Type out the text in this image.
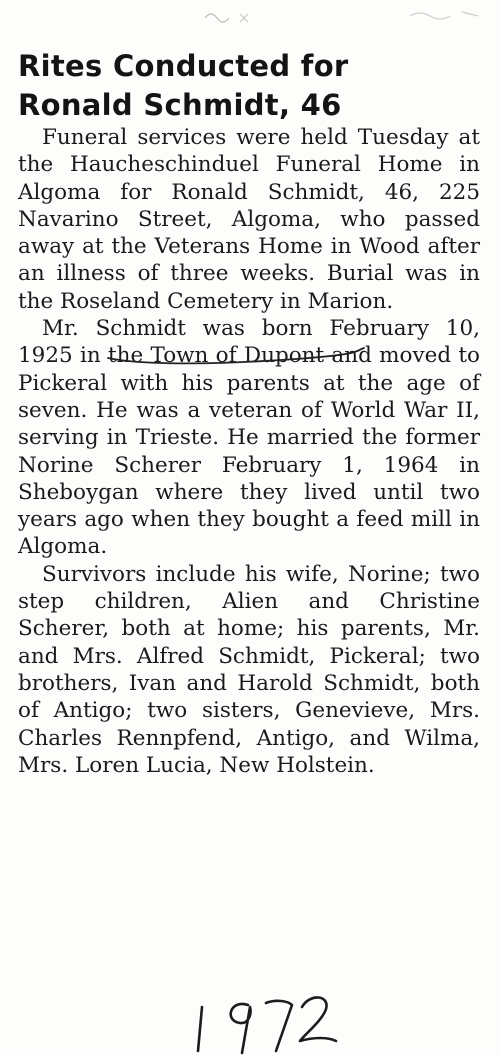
Rites Conducted for
Ronald Schmidt, 46

Funeral services were held Tuesday at the Haucheschinduel Funeral Home in Algoma for Ronald Schmidt, 46, 225 Navarino Street, Algoma, who passed away at the Veterans Home in Wood after an illness of three weeks. Burial was in the Roseland Cemetery in Marion.

Mr. Schmidt was born February 10, 1925 in the Town of Dupont and moved to Pickeral with his parents at the age of seven. He was a veteran of World War II, serving in Trieste. He married the former Norine Scherer February 1, 1964 in Sheboygan where they lived until two years ago when they bought a feed mill in Algoma.

Survivors include his wife, Norine; two step children, Alien and Christine Scherer, both at home; his parents, Mr. and Mrs. Alfred Schmidt, Pickeral; two brothers, Ivan and Harold Schmidt, both of Antigo; two sisters, Genevieve, Mrs. Charles Rennpfend, Antigo, and Wilma, Mrs. Loren Lucia, New Holstein.
